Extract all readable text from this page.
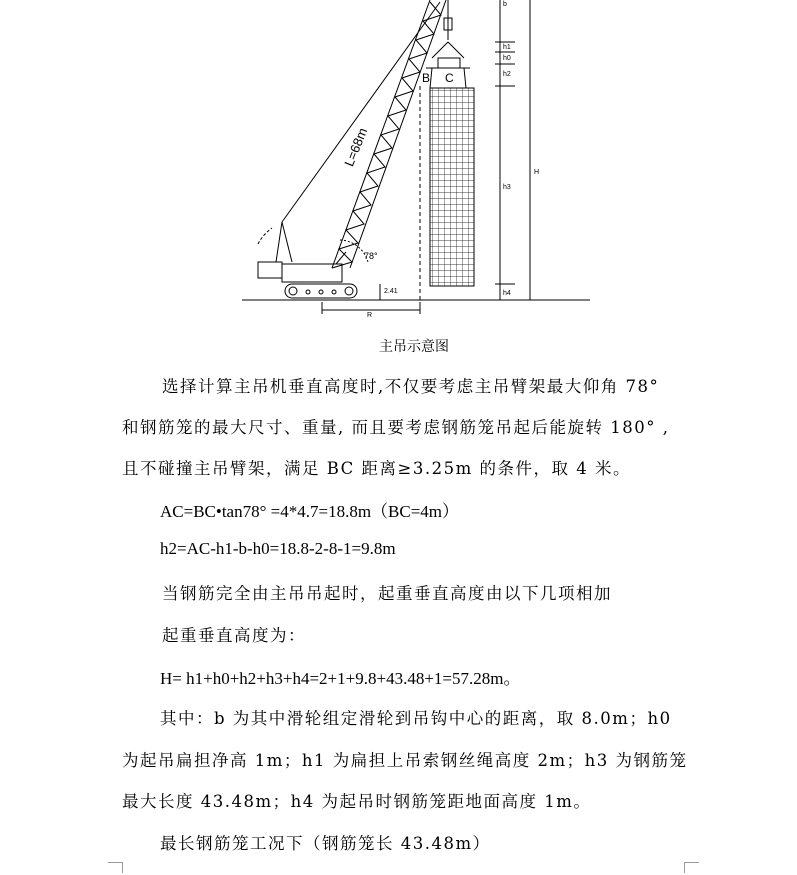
L=68m
78°
B C
b
h1
h0
h2
h3
h4
H
2.41
R
主吊示意图
选择计算主吊机垂直高度时,不仅要考虑主吊臂架最大仰角 78°
和钢筋笼的最大尺寸、重量, 而且要考虑钢筋笼吊起后能旋转 180° ,
且不碰撞主吊臂架，满足 BC 距离≥3.25m 的条件，取 4 米。
AC=BC•tan78° =4*4.7=18.8m（BC=4m）
h2=AC-h1-b-h0=18.8-2-8-1=9.8m
当钢筋完全由主吊吊起时，起重垂直高度由以下几项相加
起重垂直高度为：
H= h1+h0+h2+h3+h4=2+1+9.8+43.48+1=57.28m。
其中：b 为其中滑轮组定滑轮到吊钩中心的距离，取 8.0m；h0
为起吊扁担净高 1m；h1 为扁担上吊索钢丝绳高度 2m；h3 为钢筋笼
最大长度 43.48m；h4 为起吊时钢筋笼距地面高度 1m。
最长钢筋笼工况下（钢筋笼长 43.48m）
